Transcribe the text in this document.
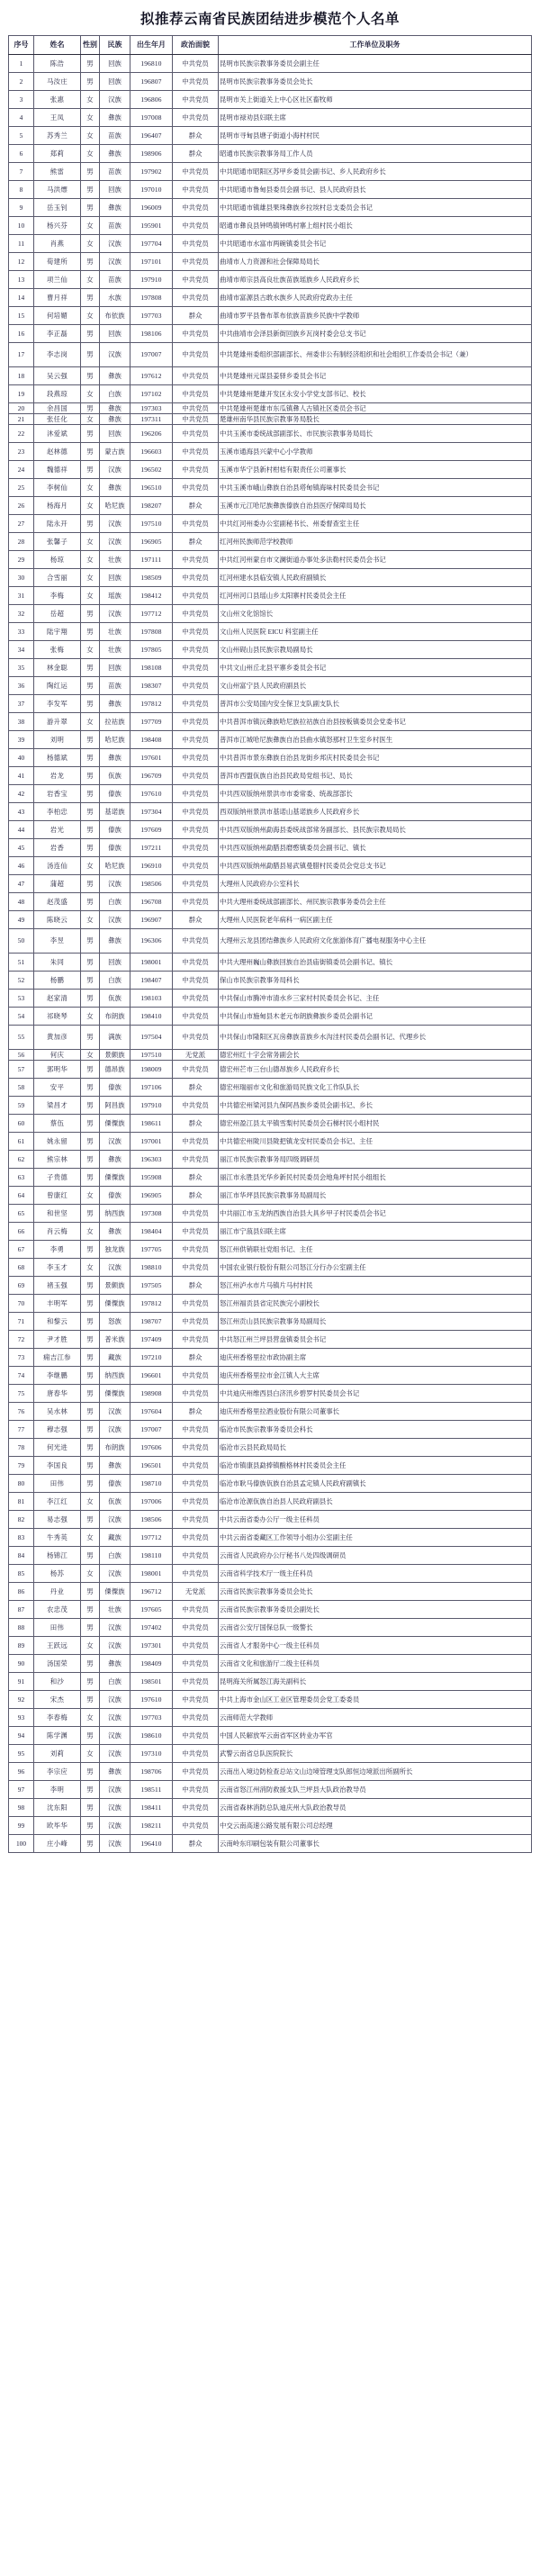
拟推荐云南省民族团结进步模范个人名单
序号	姓名	性别	民族	出生年月	政治面貌	工作单位及职务
1	陈浩	男	回族	196810	中共党员	昆明市民族宗教事务委员会副主任
2	马汝庄	男	回族	196807	中共党员	昆明市民族宗教事务委员会处长
3	张惠	女	汉族	196806	中共党员	昆明市关上街道关上中心区社区畜牧师
4	王凤	女	彝族	197008	中共党员	昆明市禄劝县妇联主席
5	苏秀兰	女	苗族	196407	群众	昆明市寻甸县塘子街道小海村村民
6	郑莉	女	彝族	198906	群众	昭通市民族宗教事务局工作人员
7	熊雷	男	苗族	197902	中共党员	中共昭通市昭阳区苏甲乡委员会副书记、乡人民政府乡长
8	马洪熛	男	回族	197010	中共党员	中共昭通市鲁甸县委员会副书记、县人民政府县长
9	岳玉钊	男	彝族	196009	中共党员	中共昭通市镇雄县果珠彝族乡拉埃村总支委员会书记
10	杨兴芬	女	苗族	195901	中共党员	昭通市彝良县钟鸣镇钟鸣村寨上组村民小组长
11	肖燕	女	汉族	197704	中共党员	中共昭通市水富市两碗镇委员会书记
12	荀建所	男	汉族	197101	中共党员	曲靖市人力资源和社会保障局局长
13	项兰仙	女	苗族	197910	中共党员	曲靖市师宗县高良壮族苗族瑶族乡人民政府乡长
14	曹月祥	男	水族	197808	中共党员	曲靖市富源县古敢水族乡人民政府党政办主任
15	何培媚	女	布依族	197703	群众	曲靖市罗平县鲁布革布依族苗族乡民族中学教师
16	李正磊	男	回族	198106	中共党员	中共曲靖市会泽县新街回族乡瓦岗村委会总支书记
17	李志岗	男	汉族	197007	中共党员	中共楚雄州委组织部副部长、州委非公有制经济组织和社会组织工作委员会书记（兼）
18	吴云强	男	彝族	197612	中共党员	中共楚雄州元谋县姜驿乡委员会书记
19	段燕琼	女	白族	197102	中共党员	中共楚雄州楚雄开发区永安小学党支部书记、校长
20	余昌国	男	彝族	197303	中共党员	中共楚雄州楚雄市东瓜镇彝人古镇社区委员会书记
21	张任化	女	彝族	197311	中共党员	楚雄州南华县民族宗教事务局股长
22	沐爱斌	男	回族	196206	中共党员	中共玉溪市委统战部副部长、市民族宗教事务局局长
23	赵林德	男	蒙古族	196603	中共党员	玉溪市通海县兴蒙中心小学教师
24	魏德祥	男	汉族	196502	中共党员	玉溪市华宁县新村柑桔有限责任公司董事长
25	李树仙	女	彝族	196510	中共党员	中共玉溪市峨山彝族自治县塔甸镇海味村民委员会书记
26	杨海月	女	哈尼族	198207	群众	玉溪市元江哈尼族彝族傣族自治县医疗保障局局长
27	陆永开	男	汉族	197510	中共党员	中共红河州委办公室副秘书长、州委督查室主任
28	张馨子	女	汉族	196905	群众	红河州民族师范学校教师
29	杨琼	女	壮族	197111	中共党员	中共红河州蒙自市文澜街道办事处多法勒村民委员会书记
30	合雪丽	女	回族	198509	中共党员	红河州建水县临安镇人民政府副镇长
31	李梅	女	瑶族	198412	中共党员	红河州河口县瑶山乡太阳寨村民委员会主任
32	岳超	男	汉族	197712	中共党员	文山州文化馆馆长
33	陆宇翔	男	壮族	197808	中共党员	文山州人民医院 EICU 科室副主任
34	张梅	女	壮族	197805	中共党员	文山州砚山县民族宗教局副局长
35	林金聪	男	回族	198108	中共党员	中共文山州丘北县平寨乡委员会书记
36	陶红运	男	苗族	198307	中共党员	文山州富宁县人民政府副县长
37	李发军	男	彝族	197812	中共党员	普洱市公安局国内安全保卫支队副支队长
38	游升翠	女	拉祜族	197709	中共党员	中共普洱市镇沅彝族哈尼族拉祜族自治县按板镇委员会党委书记
39	刘明	男	哈尼族	198408	中共党员	普洱市江城哈尼族彝族自治县曲水镇怒那村卫生室乡村医生
40	杨德斌	男	彝族	197601	中共党员	中共普洱市景东彝族自治县龙街乡邦庆村民委员会书记
41	岩龙	男	佤族	196709	中共党员	普洱市西盟佤族自治县民政局党组书记、局长
42	岩香宝	男	傣族	197610	中共党员	中共西双版纳州景洪市市委常委、统战部部长
43	李柏忠	男	基诺族	197304	中共党员	西双版纳州景洪市基诺山基诺族乡人民政府乡长
44	岩光	男	傣族	197609	中共党员	中共西双版纳州勐海县委统战部常务副部长、县民族宗教局局长
45	岩香	男	傣族	197211	中共党员	中共西双版纳州勐腊县磨憨镇委员会副书记、镇长
46	汤连仙	女	哈尼族	196910	中共党员	中共西双版纳州勐腊县易武镇曼腊村民委员会党总支书记
47	蒲超	男	汉族	198506	中共党员	大理州人民政府办公室科长
48	赵茂盛	男	白族	196708	中共党员	中共大理州委统战部副部长、州民族宗教事务委员会主任
49	陈晓云	女	汉族	196907	群众	大理州人民医院老年病科一病区副主任
50	李昱	男	彝族	196306	中共党员	大理州云龙县团结彝族乡人民政府文化旅游体育广播电视服务中心主任
51	朱同	男	回族	198001	中共党员	中共大理州巍山彝族回族自治县庙街镇委员会副书记、镇长
52	杨鹏	男	白族	198407	中共党员	保山市民族宗教事务局科长
53	赵家清	男	佤族	198103	中共党员	中共保山市腾冲市清水乡三家村村民委员会书记、主任
54	祁晓琴	女	布朗族	198410	中共党员	中共保山市施甸县木老元布朗族彝族乡委员会副书记
55	黄加彦	男	满族	197504	中共党员	中共保山市隆阳区瓦房彝族苗族乡水沟洼村民委员会副书记、代理乡长
56	何庆	女	景颇族	197510	无党派	德宏州红十字会常务副会长
57	郭明华	男	德昂族	198009	中共党员	德宏州芒市三台山德昂族乡人民政府乡长
58	安平	男	傣族	197106	群众	德宏州瑞丽市文化和旅游局民族文化工作队队长
59	梁昌才	男	阿昌族	197910	中共党员	中共德宏州梁河县九保阿昌族乡委员会副书记、乡长
60	蔡伍	男	傈僳族	198611	群众	德宏州盈江县太平镇雪梨村民委员会石梯村民小组村民
61	姚永留	男	汉族	197001	中共党员	中共德宏州陇川县陇把镇龙安村民委员会书记、主任
62	熊宗林	男	彝族	196303	中共党员	丽江市民族宗教事务局四级调研员
63	子贵德	男	傈僳族	195908	群众	丽江市永胜县光华乡新民村民委员会地角坪村民小组组长
64	曾康红	女	傣族	196905	群众	丽江市华坪县民族宗教事务局副局长
65	和世坚	男	纳西族	197308	中共党员	中共丽江市玉龙纳西族自治县大具乡甲子村民委员会书记
66	肖云梅	女	彝族	198404	中共党员	丽江市宁蒗县妇联主席
67	李勇	男	独龙族	197705	中共党员	怒江州供销联社党组书记、主任
68	李玉才	女	汉族	198810	中共党员	中国农业银行股份有限公司怒江分行办公室副主任
69	褚玉强	男	景颇族	197505	群众	怒江州泸水市片马镇片马村村民
70	丰明军	男	傈僳族	197812	中共党员	怒江州福贡县省定民族完小副校长
71	和黎云	男	怒族	198707	中共党员	怒江州贡山县民族宗教事务局副局长
72	尹才胜	男	普米族	197409	中共党员	中共怒江州兰坪县营盘镇委员会书记
73	痈吉江参	男	藏族	197210	群众	迪庆州香格里拉市政协副主席
74	李继鹏	男	纳西族	196601	中共党员	迪庆州香格里拉市金江镇人大主席
75	唐春华	男	傈僳族	198908	中共党员	中共迪庆州维西县白济汛乡碧罗村民委员会书记
76	吴水林	男	汉族	197604	群众	迪庆州香格里拉酒业股份有限公司董事长
77	穆志强	男	汉族	197007	中共党员	临沧市民族宗教事务委员会科长
78	何光进	男	布朗族	197606	中共党员	临沧市云县民政局局长
79	李国良	男	彝族	196501	中共党员	临沧市镇康县勐捧镇酸格林村民委员会主任
80	田伟	男	傣族	198710	中共党员	临沧市耿马傣族佤族自治县孟定镇人民政府副镇长
81	李江红	女	佤族	197006	中共党员	临沧市沧源佤族自治县人民政府副县长
82	易志强	男	汉族	198506	中共党员	中共云南省委办公厅一级主任科员
83	牛秀英	女	藏族	197712	中共党员	中共云南省委藏区工作领导小组办公室副主任
84	杨锦江	男	白族	198110	中共党员	云南省人民政府办公厅秘书八处四级调研员
85	杨苏	女	汉族	198001	中共党员	云南省科学技术厅一级主任科员
86	丹业	男	傈僳族	196712	无党派	云南省民族宗教事务委员会处长
87	农忠茂	男	壮族	197605	中共党员	云南省民族宗教事务委员会副处长
88	田伟	男	汉族	197402	中共党员	云南省公安厅国保总队一级警长
89	王跃远	女	汉族	197301	中共党员	云南省人才服务中心一级主任科员
90	汤国荣	男	彝族	198409	中共党员	云南省文化和旅游厅二级主任科员
91	和沙	男	白族	198501	中共党员	昆明海关所属怒江海关副科长
92	宋杰	男	汉族	197610	中共党员	中共上海市金山区工业区管理委员会党工委委员
93	李春梅	女	汉族	197703	中共党员	云南师范大学教师
94	陈学渊	男	汉族	198610	中共党员	中国人民解放军云南省军区转业办军官
95	刘莉	女	汉族	197310	中共党员	武警云南省总队医院院长
96	李宗应	男	彝族	198706	中共党员	云南出入境边防检查总站文山边境管理支队郎恒边境派出所副所长
97	李明	男	汉族	198511	中共党员	云南省怒江州消防救援支队兰坪县大队政治教导员
98	沈东阳	男	汉族	198411	中共党员	云南省森林消防总队迪庆州大队政治教导员
99	欧毕华	男	汉族	198211	中共党员	中交云南高速公路发展有限公司总经理
100	庄小峰	男	汉族	196410	群众	云南岭东印刷包装有限公司董事长
